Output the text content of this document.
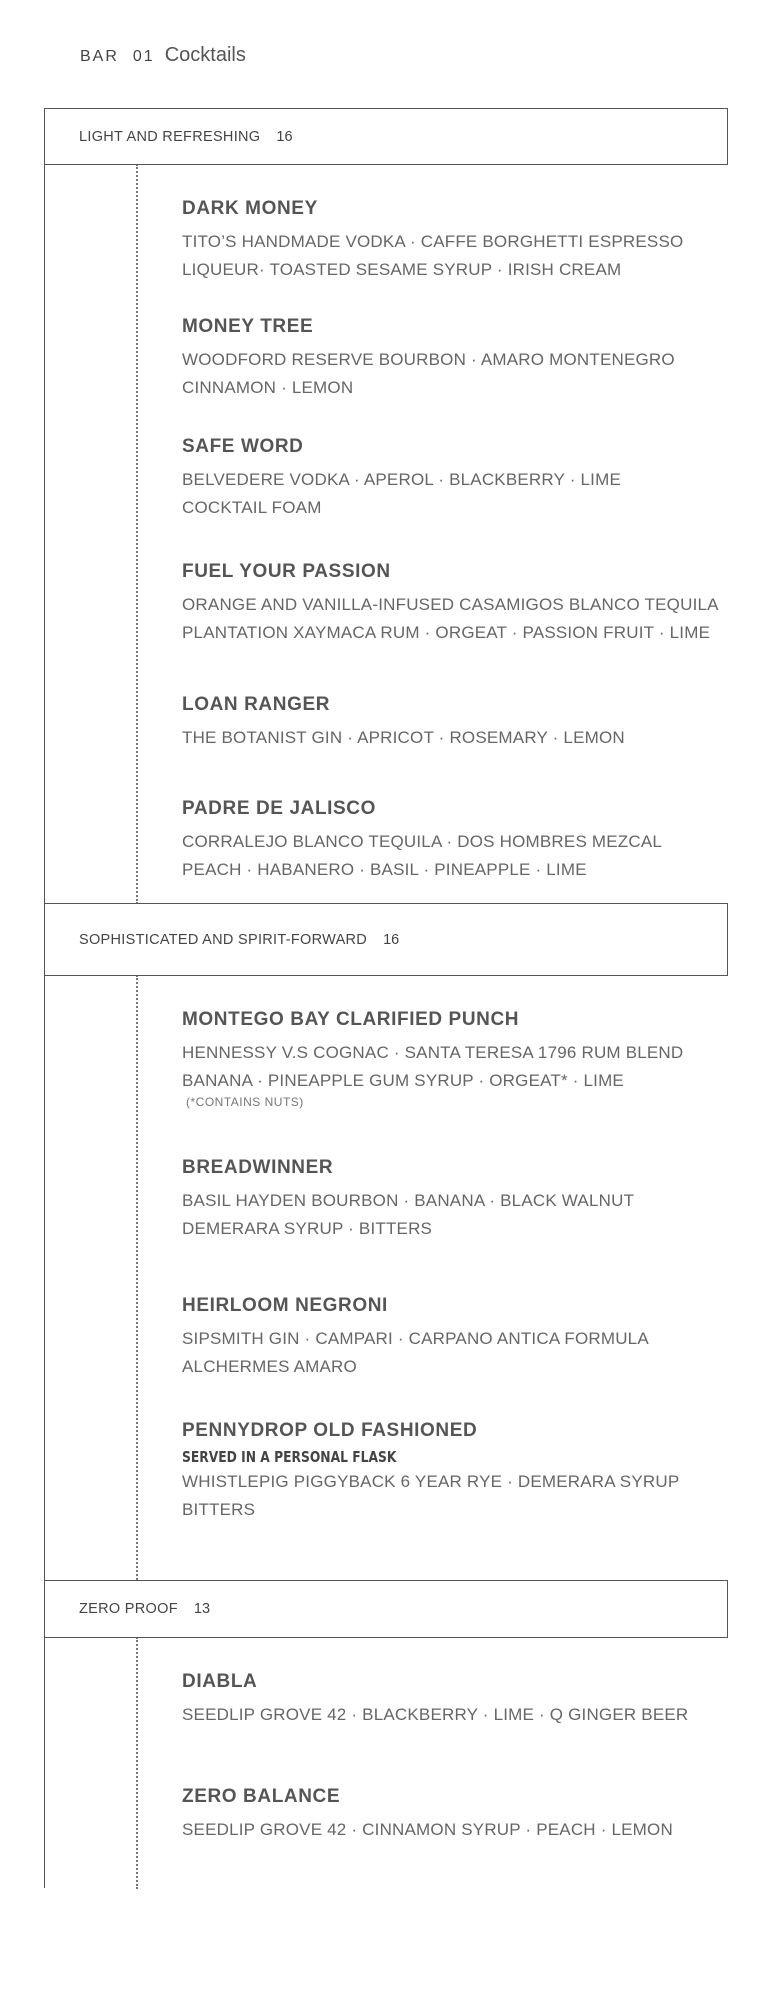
BAR 01 Cocktails
LIGHT AND REFRESHING 16
DARK MONEY
TITO’S HANDMADE VODKA · CAFFE BORGHETTI ESPRESSO
LIQUEUR· TOASTED SESAME SYRUP · IRISH CREAM
MONEY TREE
WOODFORD RESERVE BOURBON · AMARO MONTENEGRO
CINNAMON · LEMON
SAFE WORD
BELVEDERE VODKA · APEROL · BLACKBERRY · LIME
COCKTAIL FOAM
FUEL YOUR PASSION
ORANGE AND VANILLA-INFUSED CASAMIGOS BLANCO TEQUILA
PLANTATION XAYMACA RUM · ORGEAT · PASSION FRUIT · LIME
LOAN RANGER
THE BOTANIST GIN · APRICOT · ROSEMARY · LEMON
PADRE DE JALISCO
CORRALEJO BLANCO TEQUILA · DOS HOMBRES MEZCAL
PEACH · HABANERO · BASIL · PINEAPPLE · LIME
SOPHISTICATED AND SPIRIT-FORWARD 16
MONTEGO BAY CLARIFIED PUNCH
HENNESSY V.S COGNAC · SANTA TERESA 1796 RUM BLEND
BANANA · PINEAPPLE GUM SYRUP · ORGEAT* · LIME
(*CONTAINS NUTS)
BREADWINNER
BASIL HAYDEN BOURBON · BANANA · BLACK WALNUT
DEMERARA SYRUP · BITTERS
HEIRLOOM NEGRONI
SIPSMITH GIN · CAMPARI · CARPANO ANTICA FORMULA
ALCHERMES AMARO
PENNYDROP OLD FASHIONED
SERVED IN A PERSONAL FLASK
WHISTLEPIG PIGGYBACK 6 YEAR RYE · DEMERARA SYRUP
BITTERS
ZERO PROOF 13
DIABLA
SEEDLIP GROVE 42 · BLACKBERRY · LIME · Q GINGER BEER
ZERO BALANCE
SEEDLIP GROVE 42 · CINNAMON SYRUP · PEACH · LEMON
